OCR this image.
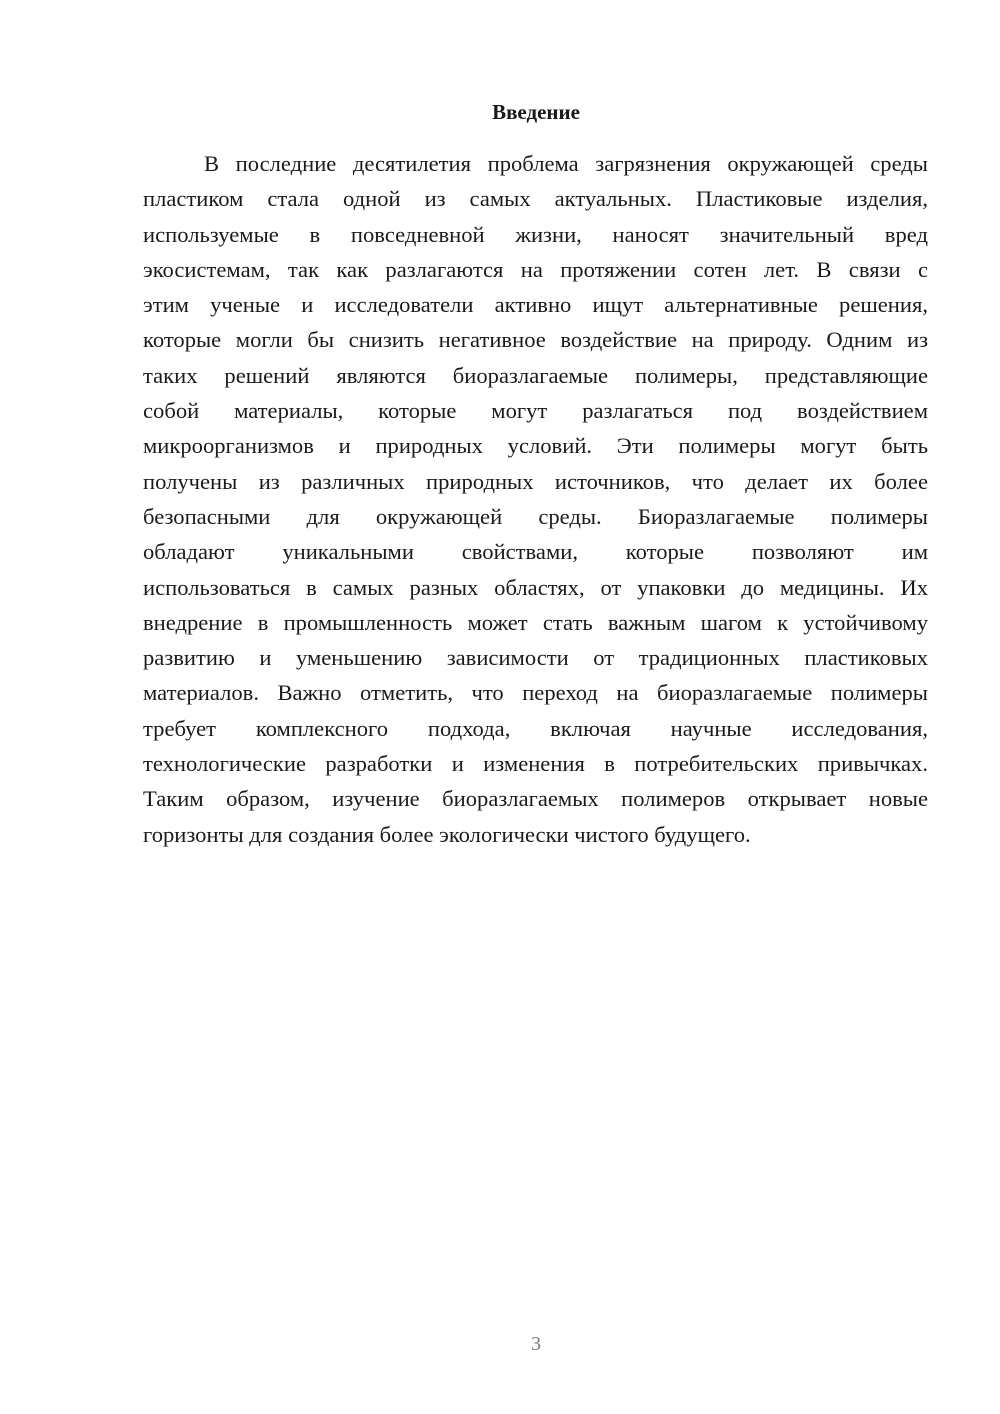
Введение
В последние десятилетия проблема загрязнения окружающей среды
пластиком стала одной из самых актуальных. Пластиковые изделия,
используемые в повседневной жизни, наносят значительный вред
экосистемам, так как разлагаются на протяжении сотен лет. В связи с
этим ученые и исследователи активно ищут альтернативные решения,
которые могли бы снизить негативное воздействие на природу. Одним из
таких решений являются биоразлагаемые полимеры, представляющие
собой материалы, которые могут разлагаться под воздействием
микроорганизмов и природных условий. Эти полимеры могут быть
получены из различных природных источников, что делает их более
безопасными для окружающей среды. Биоразлагаемые полимеры
обладают уникальными свойствами, которые позволяют им
использоваться в самых разных областях, от упаковки до медицины. Их
внедрение в промышленность может стать важным шагом к устойчивому
развитию и уменьшению зависимости от традиционных пластиковых
материалов. Важно отметить, что переход на биоразлагаемые полимеры
требует комплексного подхода, включая научные исследования,
технологические разработки и изменения в потребительских привычках.
Таким образом, изучение биоразлагаемых полимеров открывает новые
горизонты для создания более экологически чистого будущего.
3
